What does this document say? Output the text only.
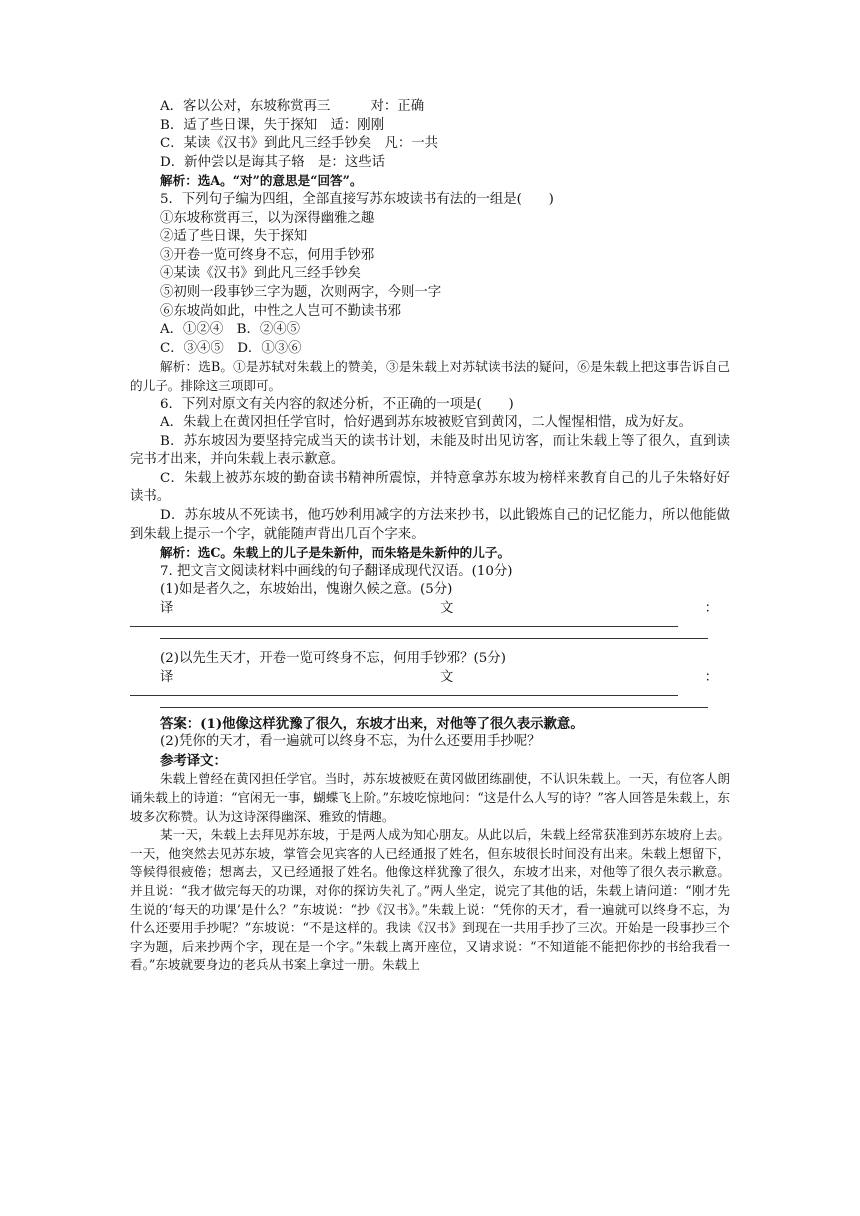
A．客以公对，东坡称赏再三　　　对：正确
B．适了些日课，失于探知　适：刚刚
C．某读《汉书》到此凡三经手钞矣　凡：一共
D．新仲尝以是诲其子辂　是：这些话
解析：选A。“对”的意思是“回答”。
5．下列句子编为四组，全部直接写苏东坡读书有法的一组是(　　)
①东坡称赏再三，以为深得幽雅之趣
②适了些日课，失于探知
③开卷一览可终身不忘，何用手钞邪
④某读《汉书》到此凡三经手钞矣
⑤初则一段事钞三字为题，次则两字，今则一字
⑥东坡尚如此，中性之人岂可不勤读书邪
A．①②④　B．②④⑤
C．③④⑤　D．①③⑥
解析：选B。①是苏轼对朱载上的赞美，③是朱载上对苏轼读书法的疑问，⑥是朱载上把这事告诉自己的儿子。排除这三项即可。
6．下列对原文有关内容的叙述分析，不正确的一项是(　　)
A．朱载上在黄冈担任学官时，恰好遇到苏东坡被贬官到黄冈，二人惺惺相惜，成为好友。
B．苏东坡因为要坚持完成当天的读书计划，未能及时出见访客，而让朱载上等了很久，直到读完书才出来，并向朱载上表示歉意。
C．朱载上被苏东坡的勤奋读书精神所震惊，并特意拿苏东坡为榜样来教育自己的儿子朱辂好好读书。
D．苏东坡从不死读书，他巧妙利用减字的方法来抄书，以此锻炼自己的记忆能力，所以他能做到朱载上提示一个字，就能随声背出几百个字来。
解析：选C。朱载上的儿子是朱新仲，而朱辂是朱新仲的儿子。
7. 把文言文阅读材料中画线的句子翻译成现代汉语。(10分)
(1)如是者久之，东坡始出，愧谢久候之意。(5分)
译	文	：
(2)以先生天才，开卷一览可终身不忘，何用手钞邪？(5分)
译	文	：
答案：(1)他像这样犹豫了很久，东坡才出来，对他等了很久表示歉意。
(2)凭你的天才，看一遍就可以终身不忘，为什么还要用手抄呢？
参考译文：
朱载上曾经在黄冈担任学官。当时，苏东坡被贬在黄冈做团练副使，不认识朱载上。一天，有位客人朗诵朱载上的诗道：“官闲无一事，蝴蝶飞上阶。”东坡吃惊地问：“这是什么人写的诗？”客人回答是朱载上，东坡多次称赞。认为这诗深得幽深、雅致的情趣。
某一天，朱载上去拜见苏东坡，于是两人成为知心朋友。从此以后，朱载上经常获准到苏东坡府上去。一天，他突然去见苏东坡，掌管会见宾客的人已经通报了姓名，但东坡很长时间没有出来。朱载上想留下，等候得很疲倦；想离去，又已经通报了姓名。他像这样犹豫了很久，东坡才出来，对他等了很久表示歉意。并且说：“我才做完每天的功课，对你的探访失礼了。”两人坐定，说完了其他的话，朱载上请问道：“刚才先生说的‘每天的功课’是什么？”东坡说：“抄《汉书》。”朱载上说：“凭你的天才，看一遍就可以终身不忘，为什么还要用手抄呢？”东坡说：“不是这样的。我读《汉书》到现在一共用手抄了三次。开始是一段事抄三个字为题，后来抄两个字，现在是一个字。”朱载上离开座位，又请求说：“不知道能不能把你抄的书给我看一看。”东坡就要身边的老兵从书案上拿过一册。朱载上
